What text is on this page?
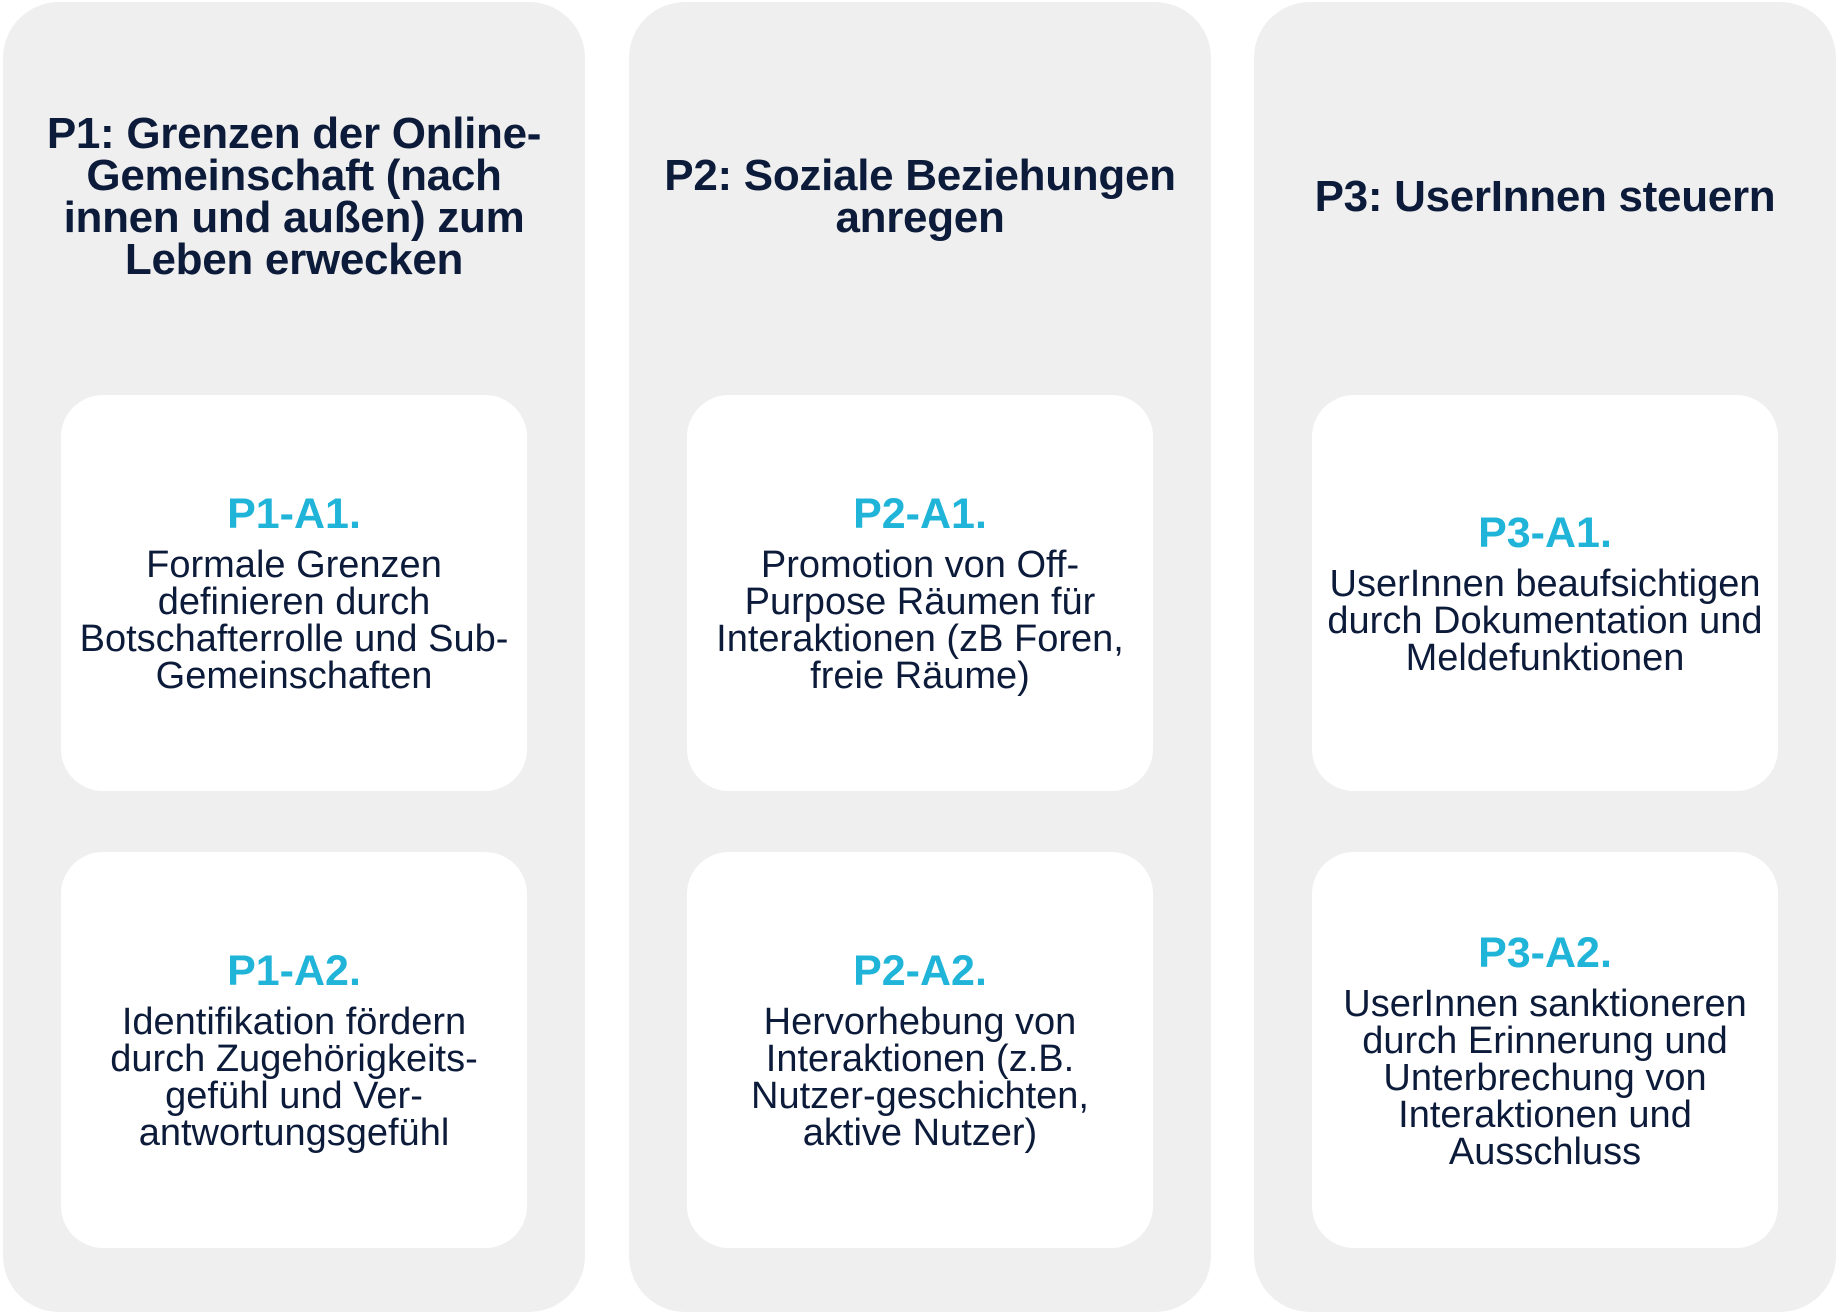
P1: Grenzen der Online-Gemeinschaft (nach innen und außen) zum Leben erwecken
P1-A1.
Formale Grenzen definieren durch Botschafterrolle und Sub-Gemeinschaften
P1-A2.
Identifikation fördern durch Zugehörigkeits-gefühl und Ver-antwortungsgefühl
P2: Soziale Beziehungen anregen
P2-A1.
Promotion von Off-Purpose Räumen für Interaktionen (zB Foren, freie Räume)
P2-A2.
Hervorhebung von Interaktionen (z.B. Nutzer-geschichten, aktive Nutzer)
P3: UserInnen steuern
P3-A1.
UserInnen beaufsichtigen durch Dokumentation und Meldefunktionen
P3-A2.
UserInnen sanktioneren durch Erinnerung und Unterbrechung von Interaktionen und Ausschluss
